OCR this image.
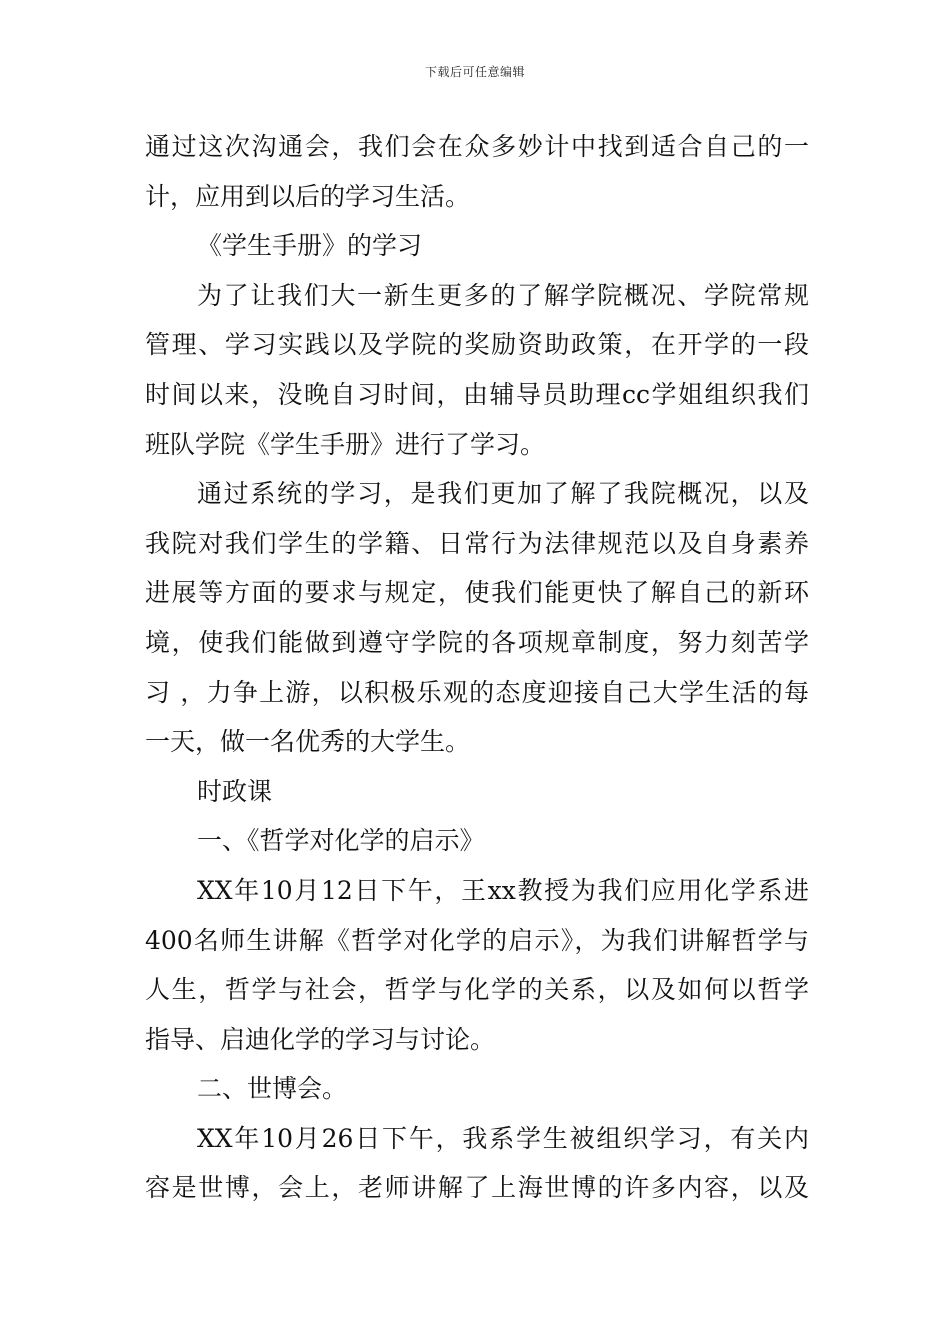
下载后可任意编辑
通过这次沟通会，我们会在众多妙计中找到适合自己的一
计，应用到以后的学习生活。
《学生手册》的学习
为了让我们大一新生更多的了解学院概况、学院常规
管理、学习实践以及学院的奖励资助政策，在开学的一段
时间以来，没晚自习时间，由辅导员助理cc学姐组织我们
班队学院《学生手册》进行了学习。
通过系统的学习，是我们更加了解了我院概况，以及
我院对我们学生的学籍、日常行为法律规范以及自身素养
进展等方面的要求与规定，使我们能更快了解自己的新环
境，使我们能做到遵守学院的各项规章制度，努力刻苦学
习 ，力争上游，以积极乐观的态度迎接自己大学生活的每
一天，做一名优秀的大学生。
时政课
一、《哲学对化学的启示》
XX年10月12日下午，王xx教授为我们应用化学系进
400名师生讲解《哲学对化学的启示》，为我们讲解哲学与
人生，哲学与社会，哲学与化学的关系，以及如何以哲学
指导、启迪化学的学习与讨论。
二、世博会。
XX年10月26日下午，我系学生被组织学习，有关内
容是世博，会上，老师讲解了上海世博的许多内容，以及
